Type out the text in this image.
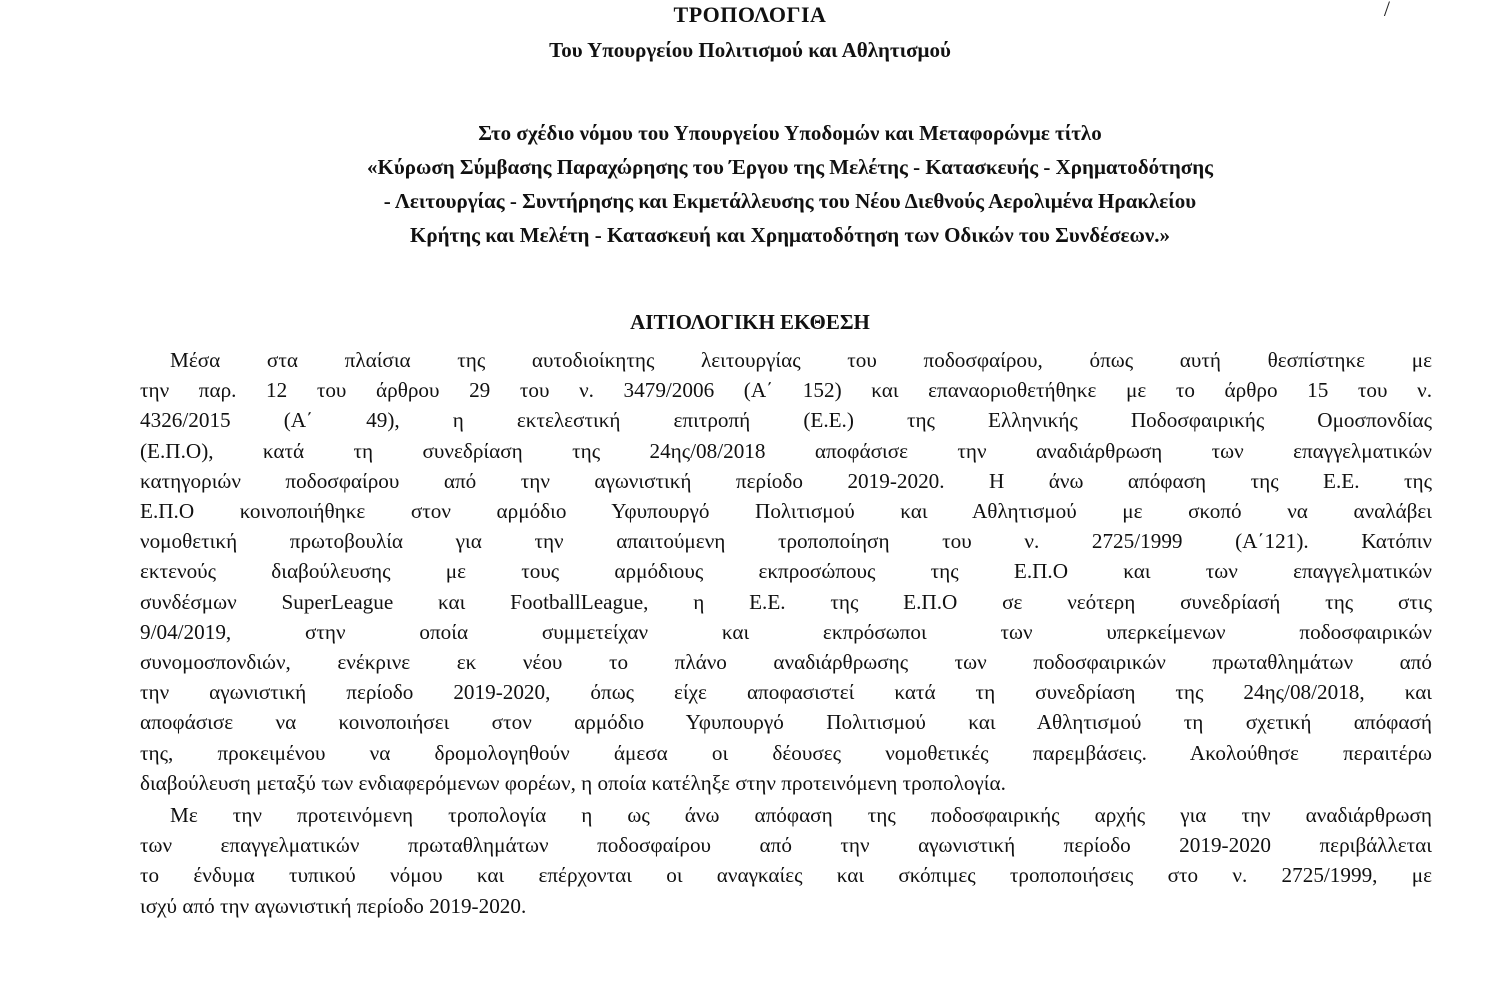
/
ΤΡΟΠΟΛΟΓΙΑ
Του Υπουργείου Πολιτισμού και Αθλητισμού
Στο σχέδιο νόμου του Υπουργείου Υποδομών και Μεταφορώνμε τίτλο
«Κύρωση Σύμβασης Παραχώρησης του Έργου της Μελέτης - Κατασκευής - Χρηματοδότησης
- Λειτουργίας - Συντήρησης και Εκμετάλλευσης του Νέου Διεθνούς Αερολιμένα Ηρακλείου
Κρήτης και Μελέτη - Κατασκευή και Χρηματοδότηση των Οδικών του Συνδέσεων.»
ΑΙΤΙΟΛΟΓΙΚΗ ΕΚΘΕΣΗ
Μέσα στα πλαίσια της αυτοδιοίκητης λειτουργίας του ποδοσφαίρου, όπως αυτή θεσπίστηκε με
την παρ. 12 του άρθρου 29 του ν. 3479/2006 (Α΄ 152) και επαναοριοθετήθηκε με το άρθρο 15 του ν.
4326/2015 (Α΄ 49), η εκτελεστική επιτροπή (Ε.Ε.) της Ελληνικής Ποδοσφαιρικής Ομοσπονδίας
(Ε.Π.Ο), κατά τη συνεδρίαση της 24ης/08/2018 αποφάσισε την αναδιάρθρωση των επαγγελματικών
κατηγοριών ποδοσφαίρου από την αγωνιστική περίοδο 2019-2020. Η άνω απόφαση της Ε.Ε. της
Ε.Π.Ο κοινοποιήθηκε στον αρμόδιο Υφυπουργό Πολιτισμού και Αθλητισμού με σκοπό να αναλάβει
νομοθετική πρωτοβουλία για την απαιτούμενη τροποποίηση του ν. 2725/1999 (Α΄121). Κατόπιν
εκτενούς διαβούλευσης με τους αρμόδιους εκπροσώπους της Ε.Π.Ο και των επαγγελματικών
συνδέσμων SuperLeague και FootballLeague, η Ε.Ε. της Ε.Π.Ο σε νεότερη συνεδρίασή της στις
9/04/2019, στην οποία συμμετείχαν και εκπρόσωποι των υπερκείμενων ποδοσφαιρικών
συνομοσπονδιών, ενέκρινε εκ νέου το πλάνο αναδιάρθρωσης των ποδοσφαιρικών πρωταθλημάτων από
την αγωνιστική περίοδο 2019-2020, όπως είχε αποφασιστεί κατά τη συνεδρίαση της 24ης/08/2018, και
αποφάσισε να κοινοποιήσει στον αρμόδιο Υφυπουργό Πολιτισμού και Αθλητισμού τη σχετική απόφασή
της, προκειμένου να δρομολογηθούν άμεσα οι δέουσες νομοθετικές παρεμβάσεις. Ακολούθησε περαιτέρω
διαβούλευση μεταξύ των ενδιαφερόμενων φορέων, η οποία κατέληξε στην προτεινόμενη τροπολογία.
Με την προτεινόμενη τροπολογία η ως άνω απόφαση της ποδοσφαιρικής αρχής για την αναδιάρθρωση
των επαγγελματικών πρωταθλημάτων ποδοσφαίρου από την αγωνιστική περίοδο 2019-2020 περιβάλλεται
το ένδυμα τυπικού νόμου και επέρχονται οι αναγκαίες και σκόπιμες τροποποιήσεις στο ν. 2725/1999, με
ισχύ από την αγωνιστική περίοδο 2019-2020.
